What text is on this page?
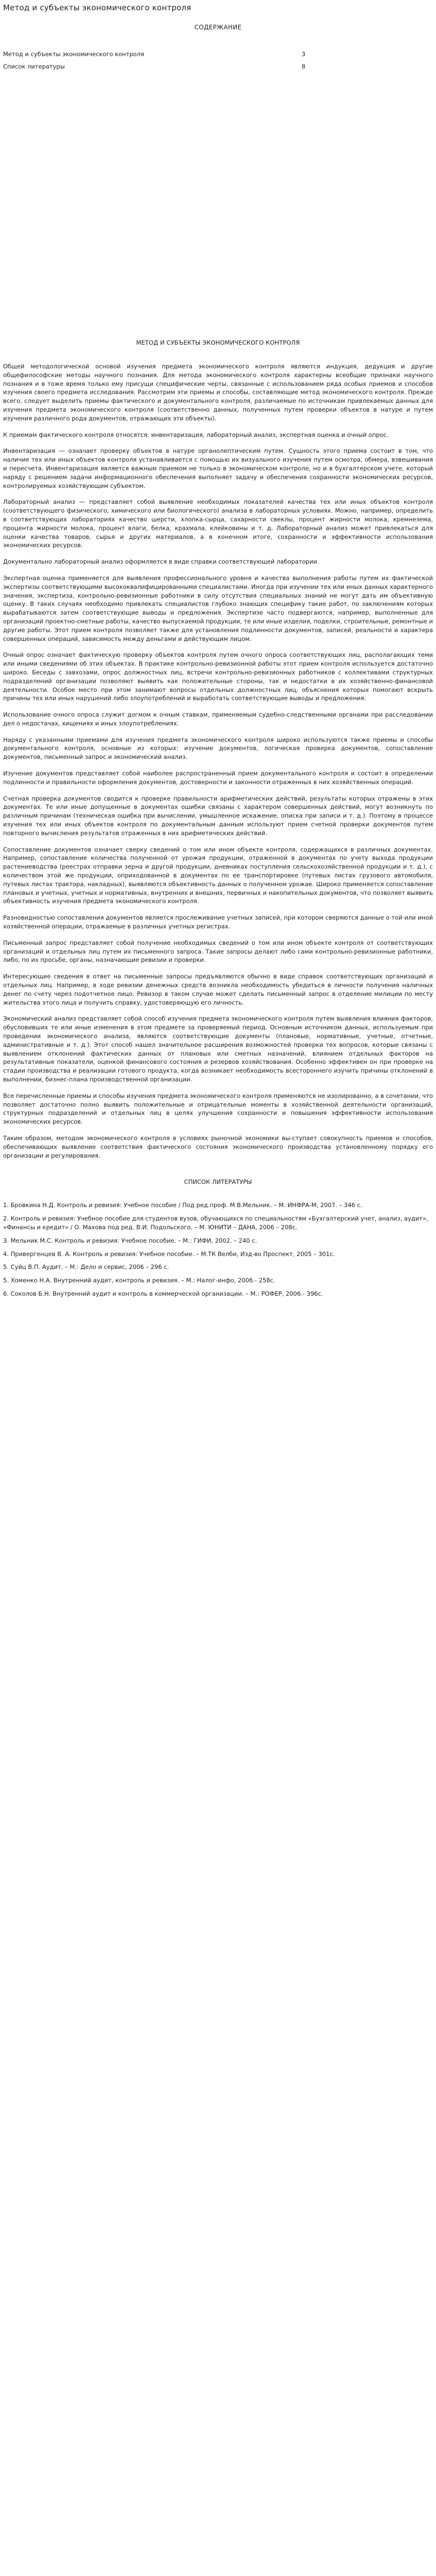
Метод и субъекты экономического контроля
СОДЕРЖАНИЕ
Метод и субъекты экономического контроля	3
Список литературы	8
МЕТОД И СУБЪЕКТЫ ЭКОНОМИЧЕСКОГО КОНТРОЛЯ

Общей методологической основой изучения предмета экономического контроля являются индукция, дедукция и другие общефилософские методы научного познания. Для метода экономического контроля характерны всеобщие признаки научного познания и в тоже время только ему присущи специфические черты, связанные с использованием ряда особых приемов и способов изучения своего предмета исследования. Рассмотрим эти приемы и способы, составляющие метод экономического контроля. Прежде всего, следует выделить приемы фактического и документального контроля, различаемые по источникам привлекаемых данных для изучения предмета экономического контроля (соответственно данных, полученных путем проверки объектов в натуре и путем изучения различного рода документов, отражающих эти объекты).

К приемам фактического контроля относятся: инвентаризация, лабораторный анализ, экспертная оценка и очный опрос.

Инвентаризация — означает проверку объектов в натуре органолептическим путем. Сущность этого приема состоит в том, что наличие тех или иных объектов контроля устанавливается с помощью их визуального изучения путем осмотра, обмера, взвешивания и пересчета. Инвентаризация является важным приемом не только в экономическом контроле, но и в бухгалтерском учете, который наряду с решением задачи информационного обеспечения выполняет задачу и обеспечения сохранности экономических ресурсов, контролируемых хозяйствующим субъектом.

Лабораторный анализ — представляет собой выявление необходимых показателей качества тех или иных объектов контроля (соответствующего физического, химического или биологического) анализа в лабораторных условиях. Можно, например, определить в соответствующих лабораториях качество шерсти, хлопка-сырца, сахарности свеклы, процент жирности молока, кремнезема, процента жирности молока, процент влаги, белка, крахмала, клейковины и т. д. Лабораторный анализ может привлекаться для оценки качества товаров, сырья и других материалов, а в конечном итоге, сохранности и эффективности использования экономических ресурсов.

Документально лабораторный анализ оформляется в виде справки соответствующей лаборатории.

Экспертная оценка применяется для выявления профессионального уровня и качества выполнения работы путем их фактической экспертизы соответствующими высококвалифицированными специалистами. Иногда при изучении тех или иных данных характерного значения, экспертиза, контрольно-ревизионные работники в силу отсутствия специальных знаний не могут дать им объективную оценку. В таких случаях необходимо привлекать специалистов глубоко знающих специфику такие работ, по заключениям которых вырабатываются затем соответствующие выводы и предложения. Экспертизе часто подвергаются, например, выполненные для организаций проектно-сметные работы, качество выпускаемой продукции, те или иные изделия, поделки, строительные, ремонтные и другие работы. Этот прием контроля позволяет также для установления подлинности документов, записей, реальности и характера совершенных операций, зависимость между деньгами и действующим лицом.

Очный опрос означает фактическую проверку объектов контроля путем очного опроса соответствующих лиц, располагающих теми или иными сведениями об этих объектах. В практике контрольно-ревизионной работы этот прием контроля используется достаточно широко. Беседы с завхозами, опрос должностных лиц, встречи контрольно-ревизионных работников с коллективами структурных подразделений организации позволяют выявить как положительные стороны, так и недостатки в их хозяйственно-финансовой деятельности. Особое место при этом занимают вопросы отдельных должностных лиц, объяснения которых помогают вскрыть причины тех или иных нарушений либо злоупотреблений и выработать соответствующие выводы и предложения.

Использование очного опроса служит догмом к очным ставкам, применяемым судебно-следственными органами при расследовании дел о недостачах, хищениях и иных злоупотреблениях.

Наряду с указанными приемами для изучения предмета экономического контроля широко используются также приемы и способы документального контроля, основные из которых: изучение документов, логическая проверка документов, сопоставление документов, письменный запрос и экономический анализ.

Изучение документов представляет собой наиболее распространенный прием документального контроля и состоит в определении подлинности и правильности оформления документов, достоверности и законности отраженных в них хозяйственных операций.

Счетная проверка документов сводится к проверке правильности арифметических действий, результаты которых отражены в этих документах. Те или иные допущенные в документах ошибки связаны с характером совершенных действий, могут возникнуть по различным причинам (техническая ошибка при вычислении, умышленное искажение, описка при записи и т. д.). Поэтому в процессе изучения тех или иных объектов контроля по документальным данным используют прием счетной проверки документов путем повторного вычисления результатов отраженных в них арифметических действий.

Сопоставление документов означает сверку сведений о том или ином объекте контроля, содержащихся в различных документах. Например, сопоставление количества полученной от урожая продукции, отраженной в документах по учету выхода продукции растениеводства (реестрах отправки зерна и другой продукции, дневниках поступления сельскохозяйственной продукции и т. д.), с количеством этой же продукции, оприходованной в документах по ее транспортировке (путевых листах грузового автомобиля, путевых листах трактора, накладных), выявляются объективность данных о полученном урожае. Широко применяется сопоставление плановых и учетных, учетных и нормативных, внутренних и внешних, первичных и накопительных документов, что позволяет выявить объективность изучения предмета экономического контроля.

Разновидностью сопоставления документов является прослеживание учетных записей, при котором сверяются данные о той или иной хозяйственной операции, отражаемые в различных учетных регистрах.

Письменный запрос представляет собой получение необходимых сведений о том или ином объекте контроля от соответствующих организаций и отдельных лиц путем их письменного запроса. Такие запросы делают либо сами контрольно-ревизионные работники, либо, по их просьбе, органы, назначающие ревизии и проверки.

Интересующие сведения в ответ на письменные запросы предъявляются обычно в виде справок соответствующих организаций и отдельных лиц. Например, в ходе ревизии денежных средств возникла необходимость убедиться в личности получения наличных денег по счету через подотчетное лицо. Ревизор в таком случае может сделать письменный запрос в отделение милиции по месту жительства этого лица и получить справку, удостоверяющую его личность.

Экономический анализ представляет собой способ изучения предмета экономического контроля путем выявления влияния факторов, обусловивших те или иные изменения в этом предмете за проверяемый период. Основным источником данных, используемым при проведении экономического анализа, являются соответствующие документы (плановые, нормативные, учетные, отчетные, административные и т. д.). Этот способ нашел значительное расширения возможностей проверки тех вопросов, которые связаны с выявлением отклонений фактических данных от плановых или сметных назначений, влиянием отдельных факторов на результативные показатели, оценкой финансового состояния и резервов хозяйствования. Особенно эффективен он при проверке на стадии производства и реализации готового продукта, когда возникает необходимость всестороннего изучить причины отклонений в выполнении, бизнес-плана производственной организации.

Все перечисленные приемы и способы изучения предмета экономического контроля применяются не изолированно, а в сочетании, что позволяет достаточно полно выявить положительные и отрицательные моменты в хозяйственной деятельности организаций, структурных подразделений и отдельных лиц в целях улучшения сохранности и повышения эффективности использования экономических ресурсов.

Таким образом, методом экономического контроля в условиях рыночной экономики вы-ступает совокупность приемов и способов, обеспечивающих выявление соответствия фактического состояния экономического производства установленному порядку его организации и регулирования.

СПИСОК ЛИТЕРАТУРЫ

1. Бровкина Н.Д. Контроль и ревизия: Учебное пособие / Под ред.проф. М.В.Мельник. – М.:ИНФРА-М, 2007. – 346 с.

2. Контроль и ревизия: Учебное пособие для студентов вузов, обучающихся по специальностям «Бухгалтерский учет, анализ, аудит», «Финансы и кредит» / О. Махова под ред. В.И. Подольского. – М. ЮНИТИ – ДАНА, 2006 – 208с.

3. Мельник М.С. Контроль и ревизия: Учебное пособие. – М.: ГИФИ, 2002. – 240 с.

4. Привергенцев В. А. Контроль и ревизия: Учебное пособие. – М.ТК Велби, Изд-во Проспект, 2005 – 301с.

5. Суйц В.П. Аудит. – М.: Дело и сервис, 2006 – 296 с.

5. Хоменко Н.А. Внутренний аудит, контроль и ревизия. – М.: Налог-инфо, 2006.- 258с.

6. Соколов Б.Н. Внутренний аудит и контроль в коммерческой организации. – М.: РОФЕР, 2006.- 396с.
